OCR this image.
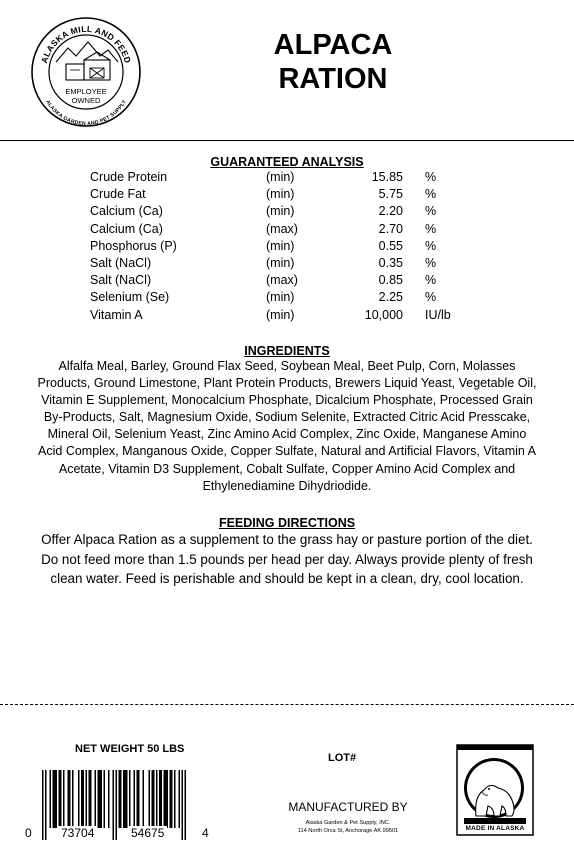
ALASKA MILL AND FEED
ALASKA GARDEN AND PET SUPPLY
EMPLOYEE
OWNED
ALPACA
RATION
GUARANTEED ANALYSIS
Crude Protein	(min)	15.85 %
Crude Fat	(min)	5.75 %
Calcium (Ca)	(min)	2.20 %
Calcium (Ca)	(max)	2.70 %
Phosphorus (P)	(min)	0.55 %
Salt (NaCl)	(min)	0.35 %
Salt (NaCl)	(max)	0.85 %
Selenium (Se)	(min)	2.25 %
Vitamin A	(min)	10,000 IU/lb
INGREDIENTS
Alfalfa Meal, Barley, Ground Flax Seed, Soybean Meal, Beet Pulp, Corn, Molasses
Products, Ground Limestone, Plant Protein Products, Brewers Liquid Yeast, Vegetable Oil,
Vitamin E Supplement, Monocalcium Phosphate, Dicalcium Phosphate, Processed Grain
By-Products, Salt, Magnesium Oxide, Sodium Selenite, Extracted Citric Acid Presscake,
Mineral Oil, Selenium Yeast, Zinc Amino Acid Complex, Zinc Oxide, Manganese Amino
Acid Complex, Manganous Oxide, Copper Sulfate, Natural and Artificial Flavors, Vitamin A
Acetate, Vitamin D3 Supplement, Cobalt Sulfate, Copper Amino Acid Complex and
Ethylenediamine Dihydriodide.
FEEDING DIRECTIONS
Offer Alpaca Ration as a supplement to the grass hay or pasture portion of the diet.
Do not feed more than 1.5 pounds per head per day. Always provide plenty of fresh
clean water. Feed is perishable and should be kept in a clean, dry, cool location.
NET WEIGHT 50 LBS
LOT#
0 73704	54675	4
MANUFACTURED BY
Alaska Garden & Pet Supply, INC.
114 North Orca St, Anchorage AK 99501	MADE IN ALASKA
